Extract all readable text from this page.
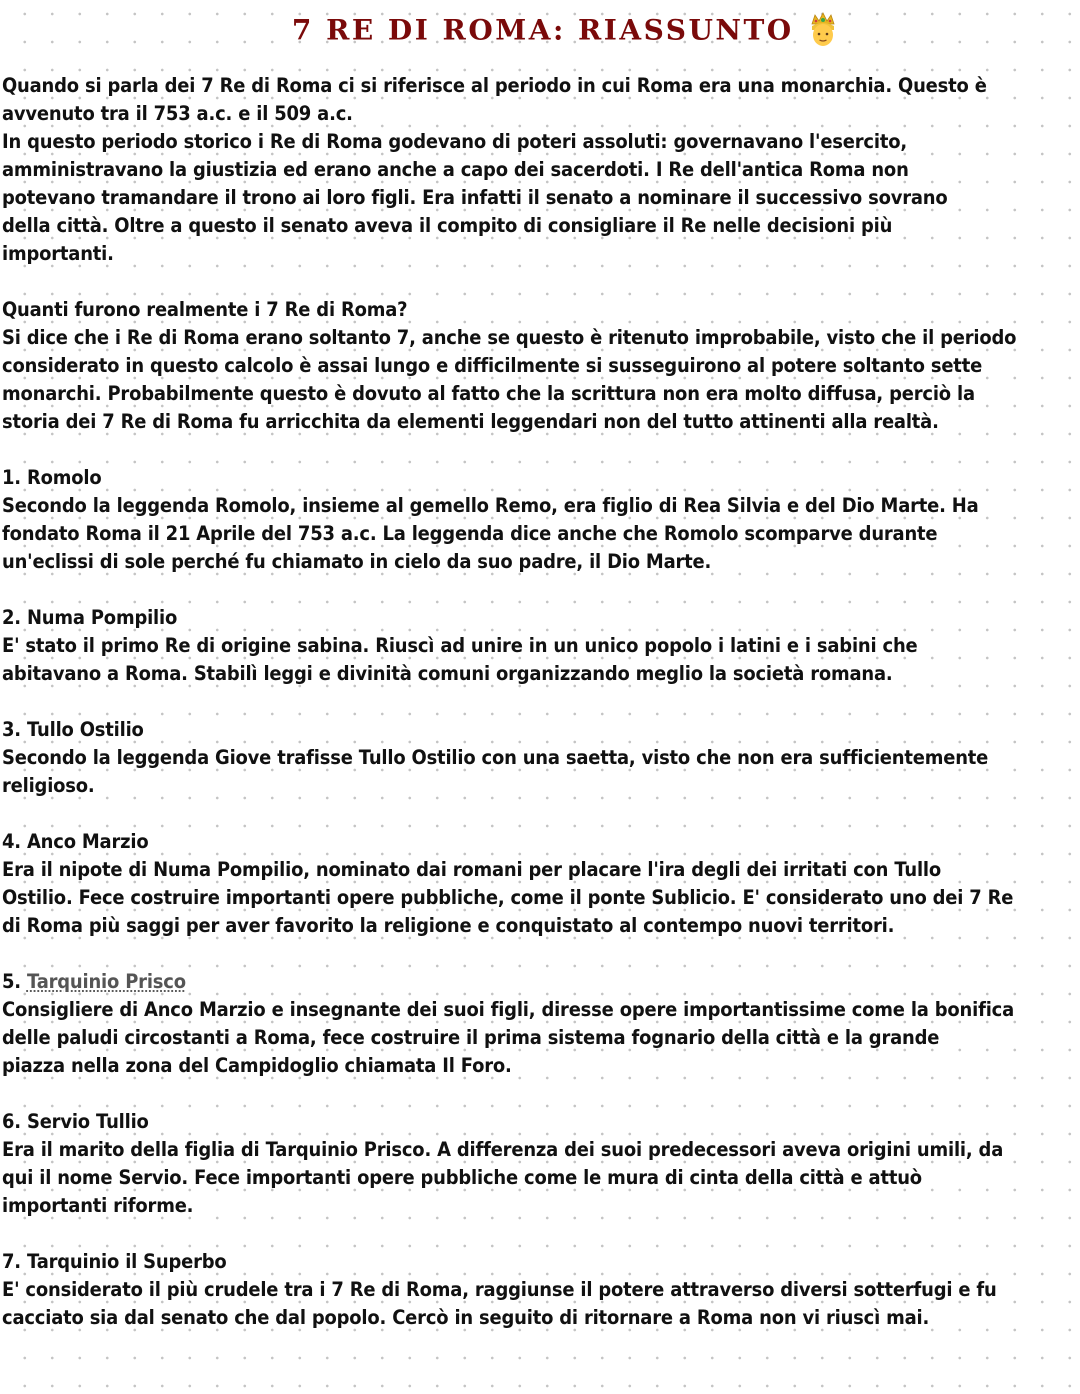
7 RE DI ROMA: RIASSUNTO

Quando si parla dei 7 Re di Roma ci si riferisce al periodo in cui Roma era una monarchia. Questo è

avvenuto tra il 753 a.c. e il 509 a.c.

In questo periodo storico i Re di Roma godevano di poteri assoluti: governavano l'esercito,

amministravano la giustizia ed erano anche a capo dei sacerdoti. I Re dell'antica Roma non

potevano tramandare il trono ai loro figli. Era infatti il senato a nominare il successivo sovrano

della città. Oltre a questo il senato aveva il compito di consigliare il Re nelle decisioni più

importanti.

Quanti furono realmente i 7 Re di Roma?

Si dice che i Re di Roma erano soltanto 7, anche se questo è ritenuto improbabile, visto che il periodo

considerato in questo calcolo è assai lungo e difficilmente si susseguirono al potere soltanto sette

monarchi. Probabilmente questo è dovuto al fatto che la scrittura non era molto diffusa, perciò la

storia dei 7 Re di Roma fu arricchita da elementi leggendari non del tutto attinenti alla realtà.

1. Romolo

Secondo la leggenda Romolo, insieme al gemello Remo, era figlio di Rea Silvia e del Dio Marte. Ha

fondato Roma il 21 Aprile del 753 a.c. La leggenda dice anche che Romolo scomparve durante

un'eclissi di sole perché fu chiamato in cielo da suo padre, il Dio Marte.

2. Numa Pompilio

E' stato il primo Re di origine sabina. Riuscì ad unire in un unico popolo i latini e i sabini che

abitavano a Roma. Stabilì leggi e divinità comuni organizzando meglio la società romana.

3. Tullo Ostilio

Secondo la leggenda Giove trafisse Tullo Ostilio con una saetta, visto che non era sufficientemente

religioso.

4. Anco Marzio

Era il nipote di Numa Pompilio, nominato dai romani per placare l'ira degli dei irritati con Tullo

Ostilio. Fece costruire importanti opere pubbliche, come il ponte Sublicio. E' considerato uno dei 7 Re

di Roma più saggi per aver favorito la religione e conquistato al contempo nuovi territori.

5. Tarquinio Prisco

Consigliere di Anco Marzio e insegnante dei suoi figli, diresse opere importantissime come la bonifica

delle paludi circostanti a Roma, fece costruire il prima sistema fognario della città e la grande

piazza nella zona del Campidoglio chiamata Il Foro.

6. Servio Tullio

Era il marito della figlia di Tarquinio Prisco. A differenza dei suoi predecessori aveva origini umili, da

qui il nome Servio. Fece importanti opere pubbliche come le mura di cinta della città e attuò

importanti riforme.

7. Tarquinio il Superbo

E' considerato il più crudele tra i 7 Re di Roma, raggiunse il potere attraverso diversi sotterfugi e fu

cacciato sia dal senato che dal popolo. Cercò in seguito di ritornare a Roma non vi riuscì mai.
